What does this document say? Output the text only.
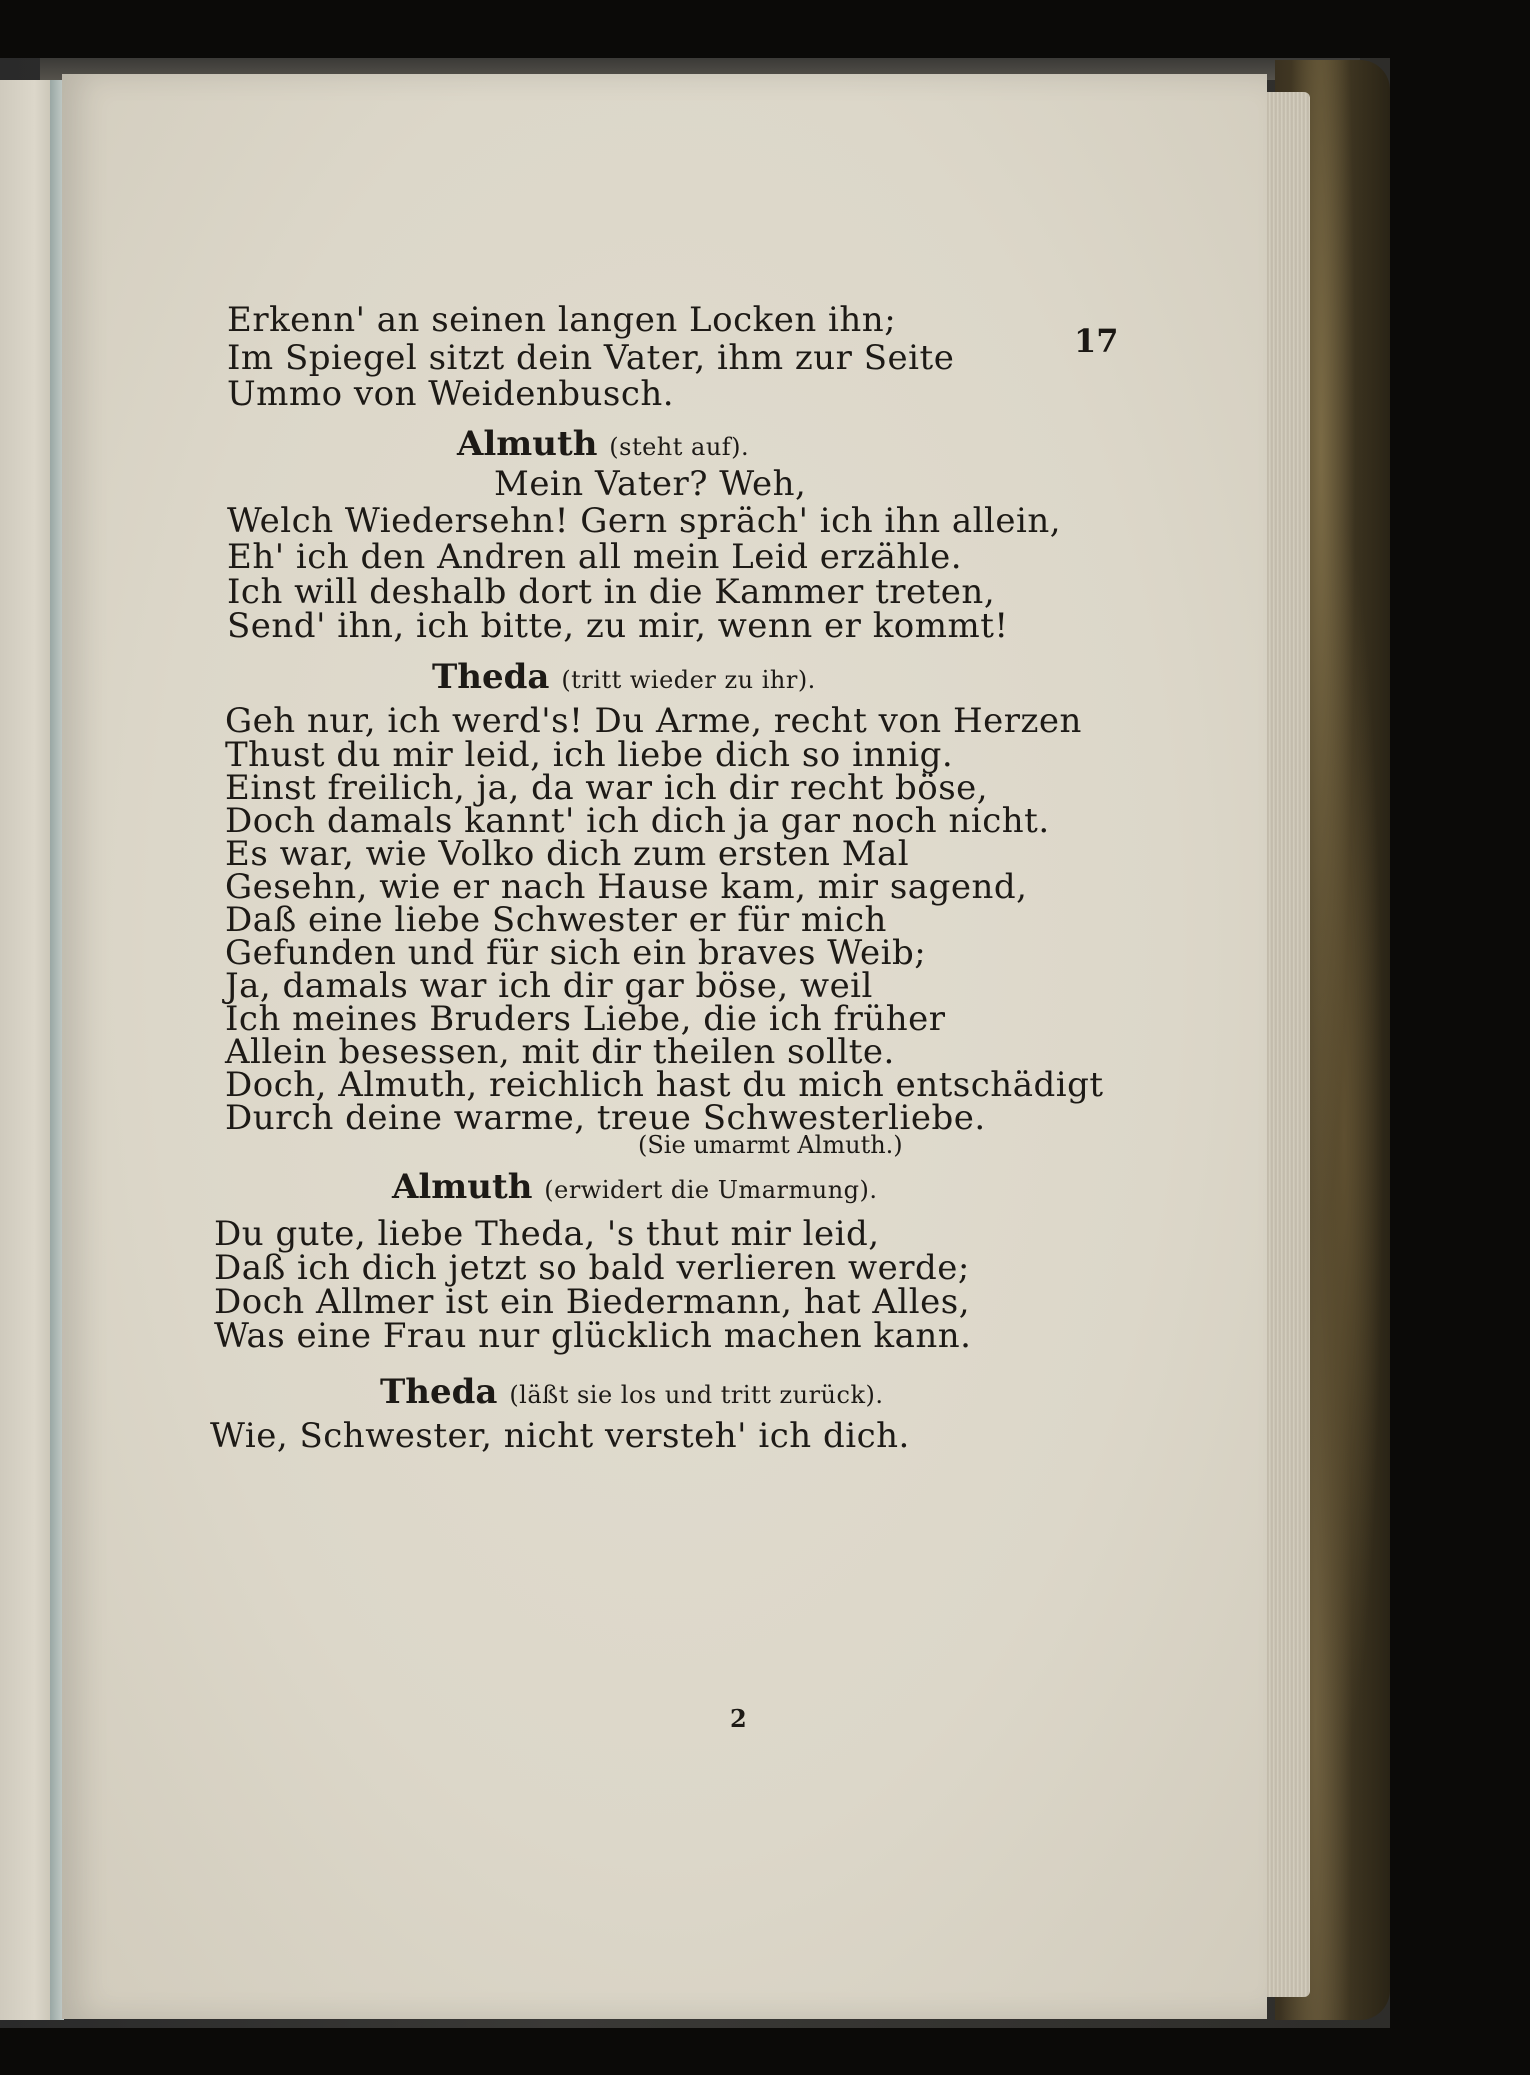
17
Erkenn' an seinen langen Locken ihn;
Im Spiegel sitzt dein Vater, ihm zur Seite
Ummo von Weidenbusch.
Almuth (steht auf).
Mein Vater? Weh,
Welch Wiedersehn! Gern spräch' ich ihn allein,
Eh' ich den Andren all mein Leid erzähle.
Ich will deshalb dort in die Kammer treten,
Send' ihn, ich bitte, zu mir, wenn er kommt!
Theda (tritt wieder zu ihr).
Geh nur, ich werd's! Du Arme, recht von Herzen
Thust du mir leid, ich liebe dich so innig.
Einst freilich, ja, da war ich dir recht böse,
Doch damals kannt' ich dich ja gar noch nicht.
Es war, wie Volko dich zum ersten Mal
Gesehn, wie er nach Hause kam, mir sagend,
Daß eine liebe Schwester er für mich
Gefunden und für sich ein braves Weib;
Ja, damals war ich dir gar böse, weil
Ich meines Bruders Liebe, die ich früher
Allein besessen, mit dir theilen sollte.
Doch, Almuth, reichlich hast du mich entschädigt
Durch deine warme, treue Schwesterliebe.
(Sie umarmt Almuth.)
Almuth (erwidert die Umarmung).
Du gute, liebe Theda, 's thut mir leid,
Daß ich dich jetzt so bald verlieren werde;
Doch Allmer ist ein Biedermann, hat Alles,
Was eine Frau nur glücklich machen kann.
Theda (läßt sie los und tritt zurück).
Wie, Schwester, nicht versteh' ich dich.
2
